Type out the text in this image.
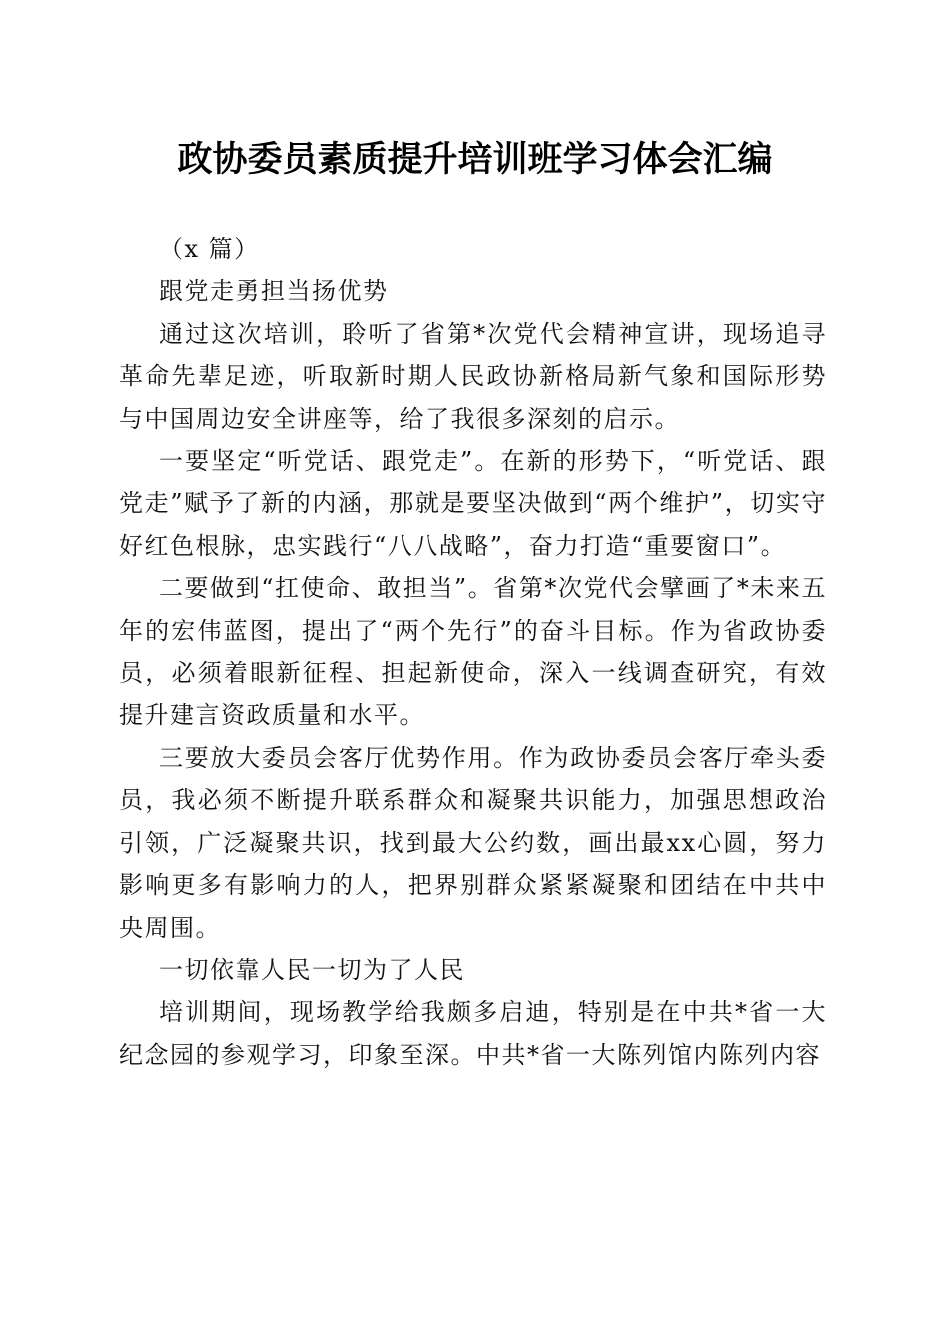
政协委员素质提升培训班学习体会汇编

（x 篇）

跟党走勇担当扬优势

通过这次培训，聆听了省第*次党代会精神宣讲，现场追寻革命先辈足迹，听取新时期人民政协新格局新气象和国际形势与中国周边安全讲座等，给了我很多深刻的启示。

一要坚定“听党话、跟党走”。在新的形势下，“听党话、跟党走”赋予了新的内涵，那就是要坚决做到“两个维护”，切实守好红色根脉，忠实践行“八八战略”，奋力打造“重要窗口”。

二要做到“扛使命、敢担当”。省第*次党代会擘画了*未来五年的宏伟蓝图，提出了“两个先行”的奋斗目标。作为省政协委员，必须着眼新征程、担起新使命，深入一线调查研究，有效提升建言资政质量和水平。

三要放大委员会客厅优势作用。作为政协委员会客厅牵头委员，我必须不断提升联系群众和凝聚共识能力，加强思想政治引领，广泛凝聚共识，找到最大公约数，画出最xx心圆，努力影响更多有影响力的人，把界别群众紧紧凝聚和团结在中共中央周围。

一切依靠人民一切为了人民

培训期间，现场教学给我颇多启迪，特别是在中共*省一大纪念园的参观学习，印象至深。中共*省一大陈列馆内陈列内容
